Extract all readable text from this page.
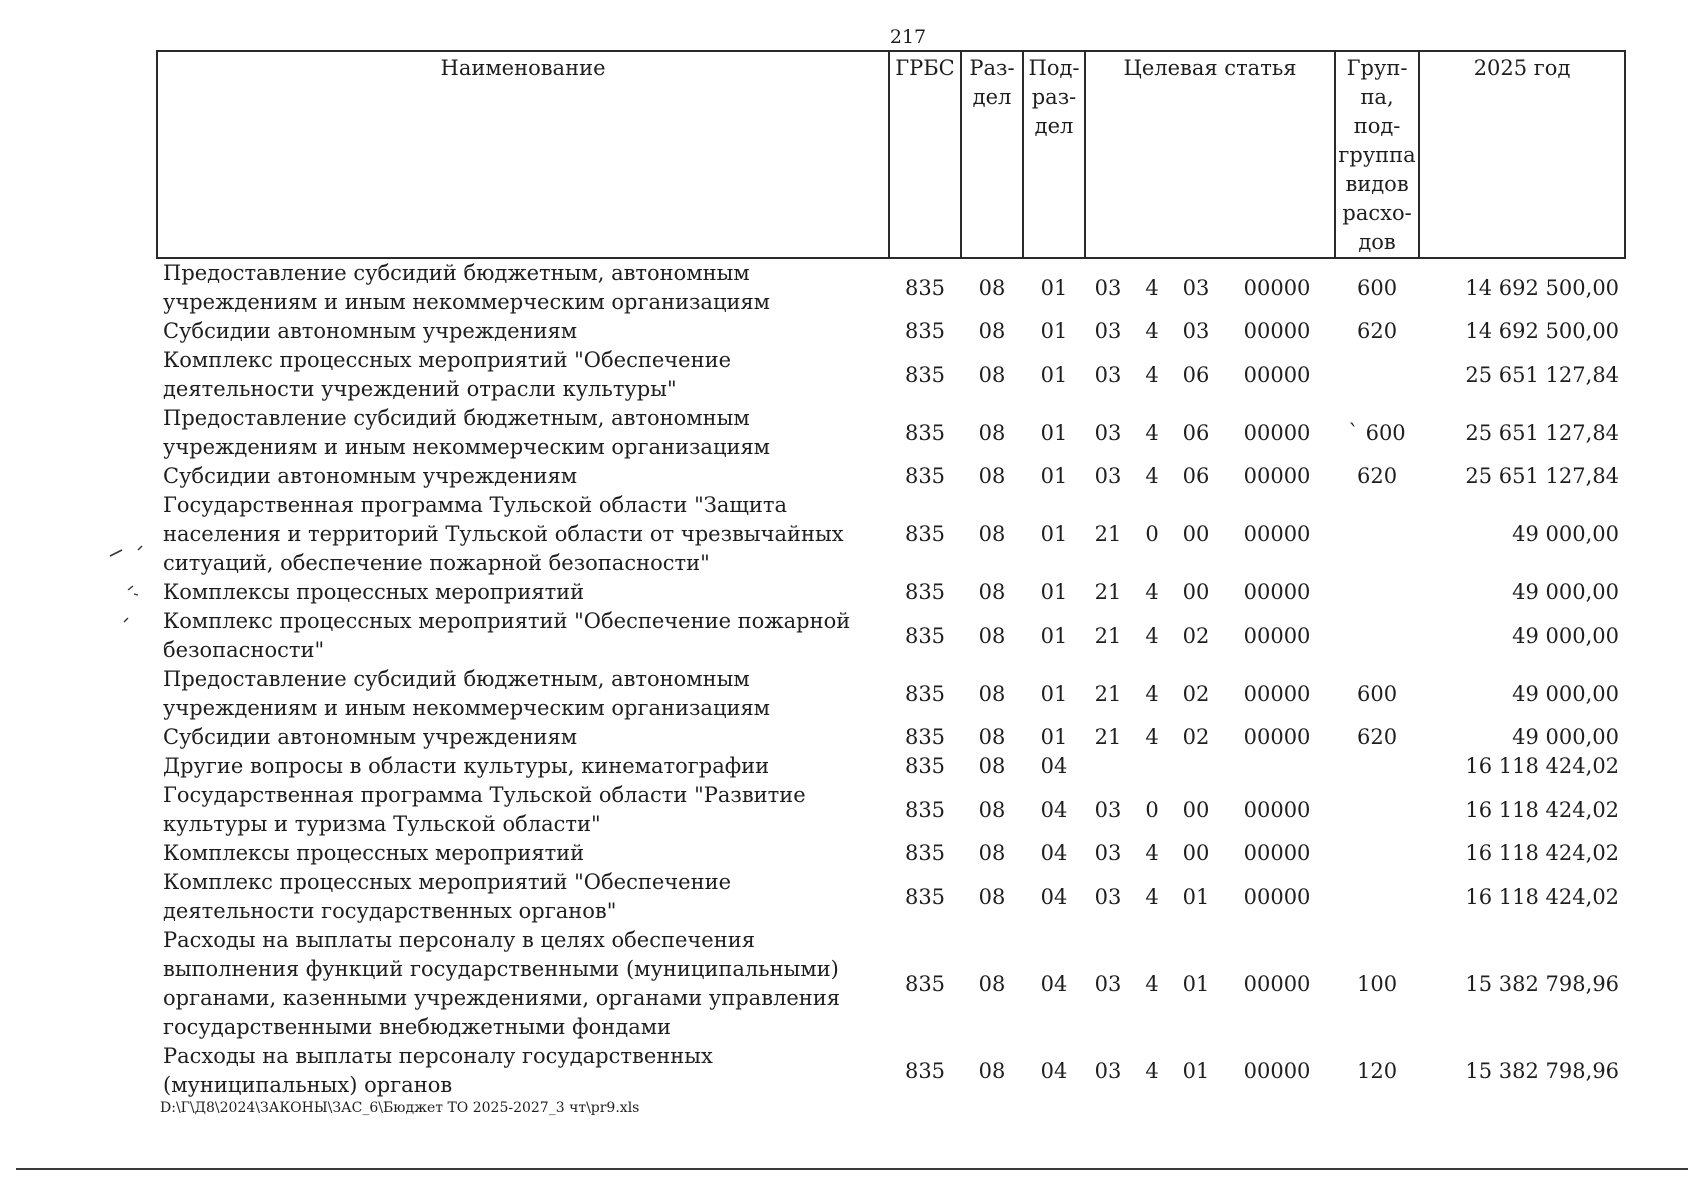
217
Наименование	ГРБС	Раз-дел	Под-раз-дел	Целевая статья				Груп-па, под-группа видов расхо-дов	2025 год
Предоставление субсидий бюджетным, автономным учреждениям и иным некоммерческим организациям	835	08	01	03	4	03	00000	600	14 692 500,00
Субсидии автономным учреждениям	835	08	01	03	4	03	00000	620	14 692 500,00
Комплекс процессных мероприятий "Обеспечение деятельности учреждений отрасли культуры"	835	08	01	03	4	06	00000		25 651 127,84
Предоставление субсидий бюджетным, автономным учреждениям и иным некоммерческим организациям	835	08	01	03	4	06	00000	` 600	25 651 127,84
Субсидии автономным учреждениям	835	08	01	03	4	06	00000	620	25 651 127,84
Государственная программа Тульской области "Защита населения и территорий Тульской области от чрезвычайных ситуаций, обеспечение пожарной безопасности"	835	08	01	21	0	00	00000		49 000,00
Комплексы процессных мероприятий	835	08	01	21	4	00	00000		49 000,00
Комплекс процессных мероприятий "Обеспечение пожарной безопасности"	835	08	01	21	4	02	00000		49 000,00
Предоставление субсидий бюджетным, автономным учреждениям и иным некоммерческим организациям	835	08	01	21	4	02	00000	600	49 000,00
Субсидии автономным учреждениям	835	08	01	21	4	02	00000	620	49 000,00
Другие вопросы в области культуры, кинематографии	835	08	04						16 118 424,02
Государственная программа Тульской области "Развитие культуры и туризма Тульской области"	835	08	04	03	0	00	00000		16 118 424,02
Комплексы процессных мероприятий	835	08	04	03	4	00	00000		16 118 424,02
Комплекс процессных мероприятий "Обеспечение деятельности государственных органов"	835	08	04	03	4	01	00000		16 118 424,02
Расходы на выплаты персоналу в целях обеспечения выполнения функций государственными (муниципальными) органами, казенными учреждениями, органами управления государственными внебюджетными фондами	835	08	04	03	4	01	00000	100	15 382 798,96
Расходы на выплаты персоналу государственных (муниципальных) органов	835	08	04	03	4	01	00000	120	15 382 798,96
D:\Г\Д8\2024\ЗАКОНЫ\ЗАС_6\Бюджет ТО 2025-2027_3 чт\pr9.xls
